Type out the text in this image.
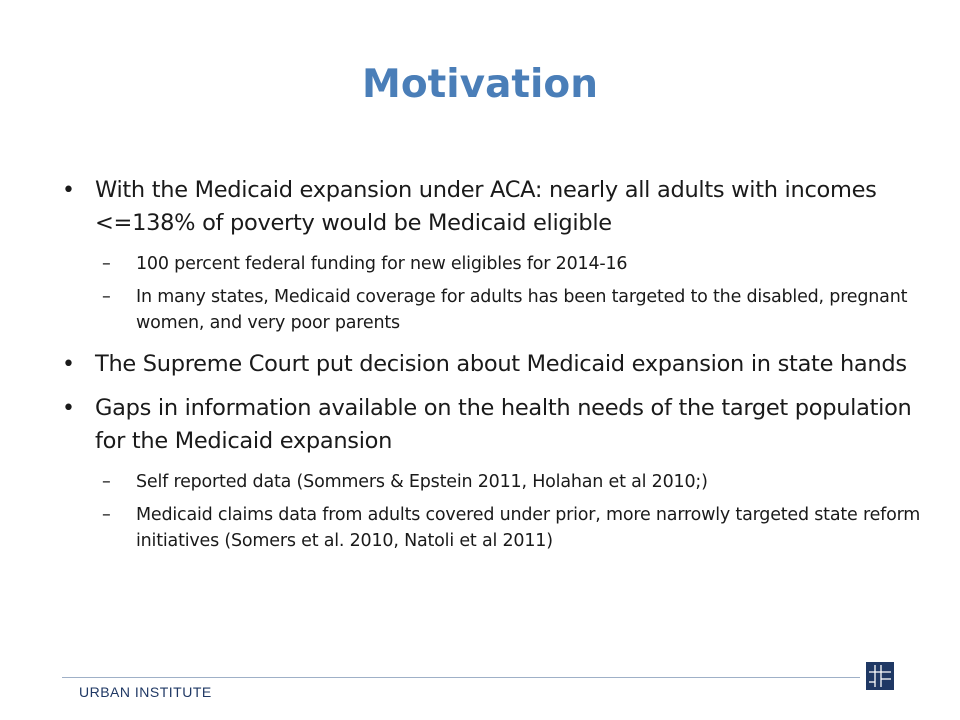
Motivation
• With the Medicaid expansion under ACA: nearly all adults with incomes <=138% of poverty would be Medicaid eligible
– 100 percent federal funding for new eligibles for 2014-16
– In many states, Medicaid coverage for adults has been targeted to the disabled, pregnant women, and very poor parents
• The Supreme Court put decision about Medicaid expansion in state hands
• Gaps in information available on the health needs of the target population for the Medicaid expansion
– Self reported data (Sommers & Epstein 2011, Holahan et al 2010;)
– Medicaid claims data from adults covered under prior, more narrowly targeted state reform initiatives (Somers et al. 2010, Natoli et al 2011)
URBAN INSTITUTE
